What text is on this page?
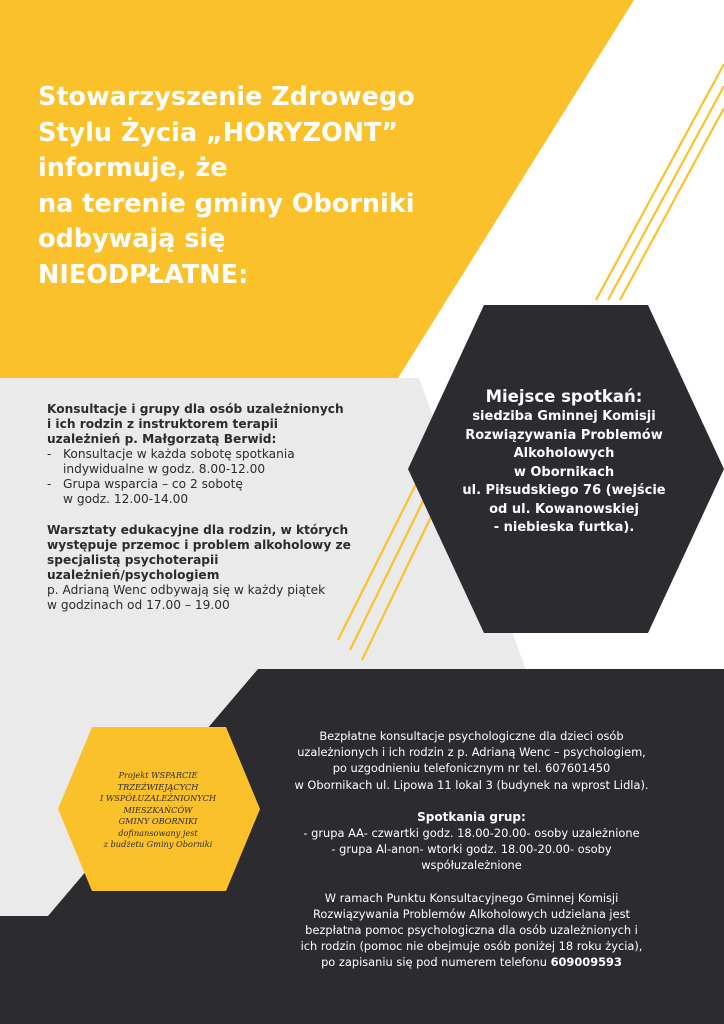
Stowarzyszenie Zdrowego
Stylu Życia „HORYZONT”
informuje, że
na terenie gminy Oborniki
odbywają się
NIEODPŁATNE:
Konsultacje i grupy dla osób uzależnionych
i ich rodzin z instruktorem terapii
uzależnień p. Małgorzatą Berwid:
- Konsultacje w każda sobotę spotkania
indywidualne w godz. 8.00-12.00
- Grupa wsparcia – co 2 sobotę
w godz. 12.00-14.00
Warsztaty edukacyjne dla rodzin, w których
występuje przemoc i problem alkoholowy ze
specjalistą psychoterapii
uzależnień/psychologiem
p. Adrianą Wenc odbywają się w każdy piątek
w godzinach od 17.00 – 19.00
Miejsce spotkań:
siedziba Gminnej Komisji
Rozwiązywania Problemów
Alkoholowych
w Obornikach
ul. Piłsudskiego 76 (wejście
od ul. Kowanowskiej
- niebieska furtka).
Projekt WSPARCIE
TRZEŹWIEJĄCYCH
I WSPÓŁUZALEŻNIONYCH
MIESZKAŃCÓW
GMINY OBORNIKI
dofinansowany jest
z budżetu Gminy Oborniki
Bezpłatne konsultacje psychologiczne dla dzieci osób
uzależnionych i ich rodzin z p. Adrianą Wenc – psychologiem,
po uzgodnieniu telefonicznym nr tel. 607601450
w Obornikach ul. Lipowa 11 lokal 3 (budynek na wprost Lidla).
Spotkania grup:
- grupa AA- czwartki godz. 18.00-20.00- osoby uzależnione
- grupa Al-anon- wtorki godz. 18.00-20.00- osoby
współuzależnione
W ramach Punktu Konsultacyjnego Gminnej Komisji
Rozwiązywania Problemów Alkoholowych udzielana jest
bezpłatna pomoc psychologiczna dla osób uzależnionych i
ich rodzin (pomoc nie obejmuje osób poniżej 18 roku życia),
po zapisaniu się pod numerem telefonu 609009593
